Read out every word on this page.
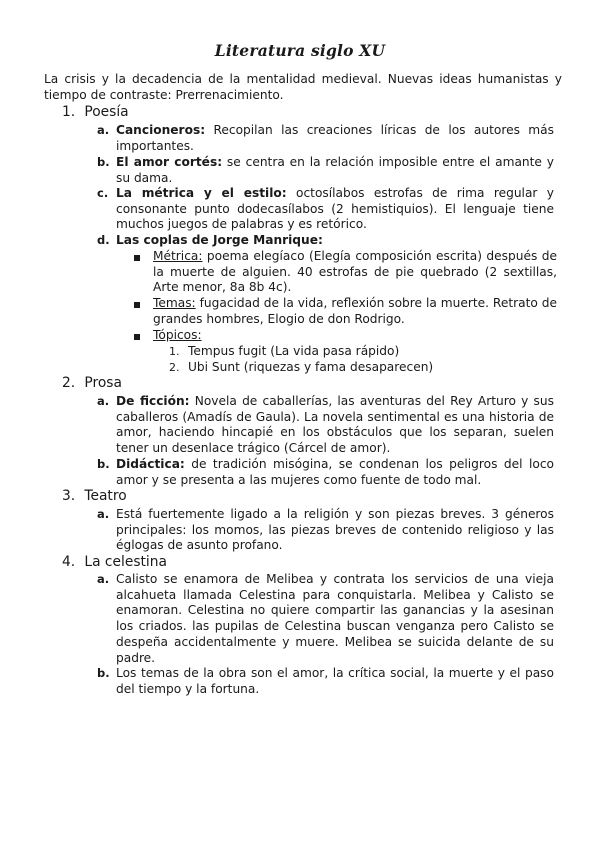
Literatura siglo XU
La crisis y la decadencia de la mentalidad medieval. Nuevas ideas humanistas y tiempo de contraste: Prerrenacimiento.
1. Poesía
a. Cancioneros: Recopilan las creaciones líricas de los autores más importantes.
b. El amor cortés: se centra en la relación imposible entre el amante y su dama.
c. La métrica y el estilo: octosílabos estrofas de rima regular y consonante punto dodecasílabos (2 hemistiquios). El lenguaje tiene muchos juegos de palabras y es retórico.
d. Las coplas de Jorge Manrique:
Métrica: poema elegíaco (Elegía composición escrita) después de la muerte de alguien. 40 estrofas de pie quebrado (2 sextillas, Arte menor, 8a 8b 4c).
Temas: fugacidad de la vida, reflexión sobre la muerte. Retrato de grandes hombres, Elogio de don Rodrigo.
Tópicos:
1. Tempus fugit (La vida pasa rápido)
2. Ubi Sunt (riquezas y fama desaparecen)
2. Prosa
a. De ficción: Novela de caballerías, las aventuras del Rey Arturo y sus caballeros (Amadís de Gaula). La novela sentimental es una historia de amor, haciendo hincapié en los obstáculos que los separan, suelen tener un desenlace trágico (Cárcel de amor).
b. Didáctica: de tradición misógina, se condenan los peligros del loco amor y se presenta a las mujeres como fuente de todo mal.
3. Teatro
a. Está fuertemente ligado a la religión y son piezas breves. 3 géneros principales: los momos, las piezas breves de contenido religioso y las églogas de asunto profano.
4. La celestina
a. Calisto se enamora de Melibea y contrata los servicios de una vieja alcahueta llamada Celestina para conquistarla. Melibea y Calisto se enamoran. Celestina no quiere compartir las ganancias y la asesinan los criados. las pupilas de Celestina buscan venganza pero Calisto se despeña accidentalmente y muere. Melibea se suicida delante de su padre.
b. Los temas de la obra son el amor, la crítica social, la muerte y el paso del tiempo y la fortuna.
